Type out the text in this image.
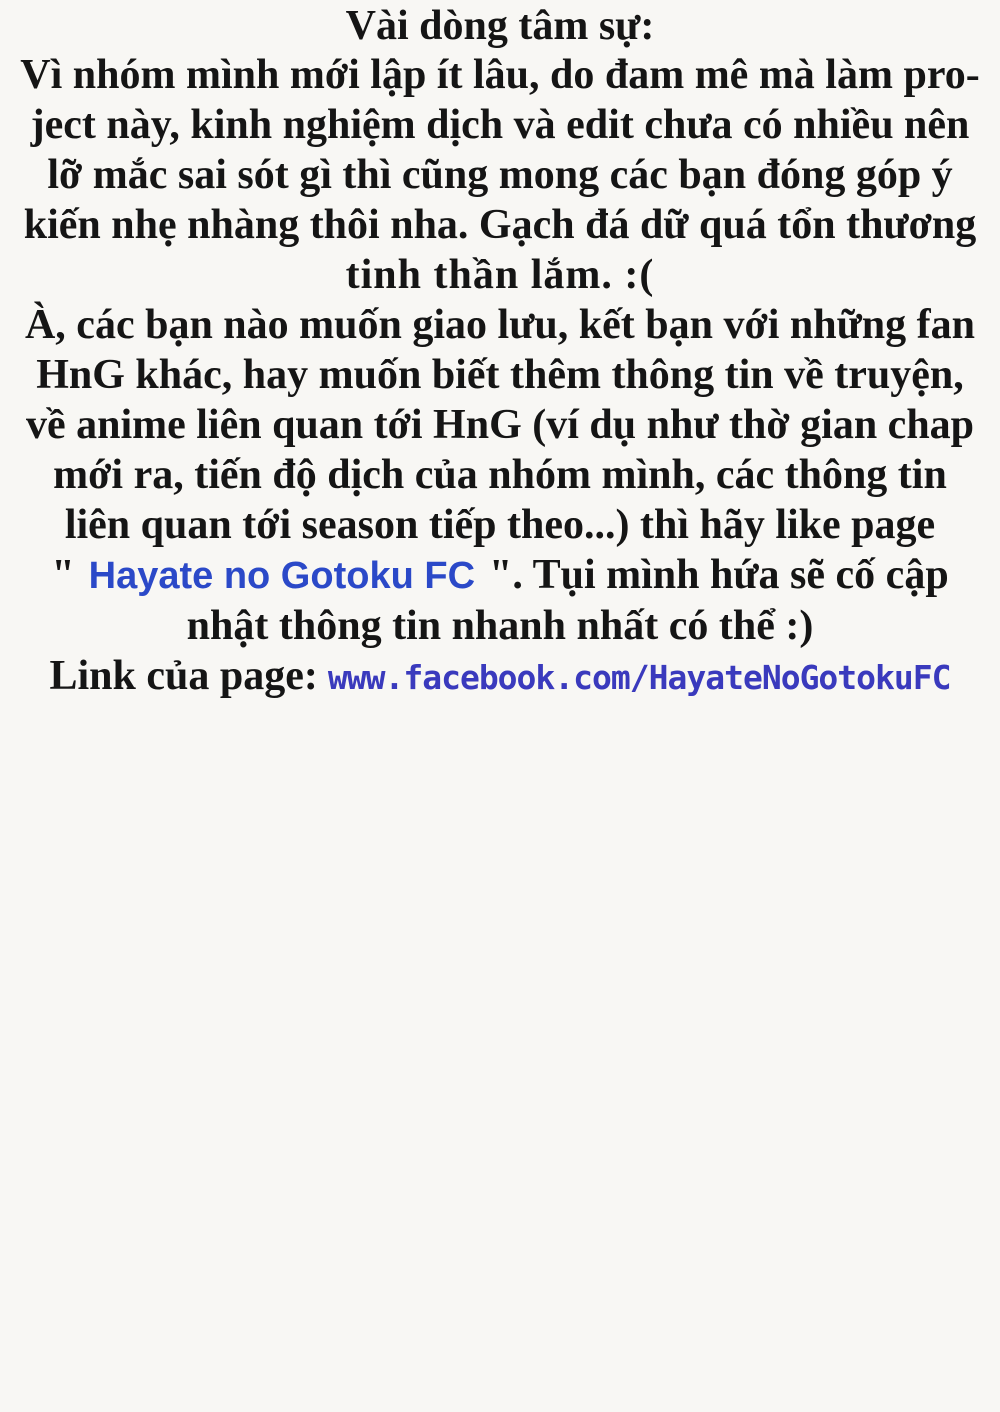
Vài dòng tâm sự:
Vì nhóm mình mới lập ít lâu, do đam mê mà làm pro-
ject này, kinh nghiệm dịch và edit chưa có nhiều nên
lỡ mắc sai sót gì thì cũng mong các bạn đóng góp ý
kiến nhẹ nhàng thôi nha. Gạch đá dữ quá tổn thương
tinh thần lắm. :(
À, các bạn nào muốn giao lưu, kết bạn với những fan
HnG khác, hay muốn biết thêm thông tin về truyện,
về anime liên quan tới HnG (ví dụ như thờ gian chap
mới ra, tiến độ dịch của nhóm mình, các thông tin
liên quan tới season tiếp theo...) thì hãy like page
" Hayate no Gotoku FC ". Tụi mình hứa sẽ cố cập
nhật thông tin nhanh nhất có thể :)
Link của page: www.facebook.com/HayateNoGotokuFC
